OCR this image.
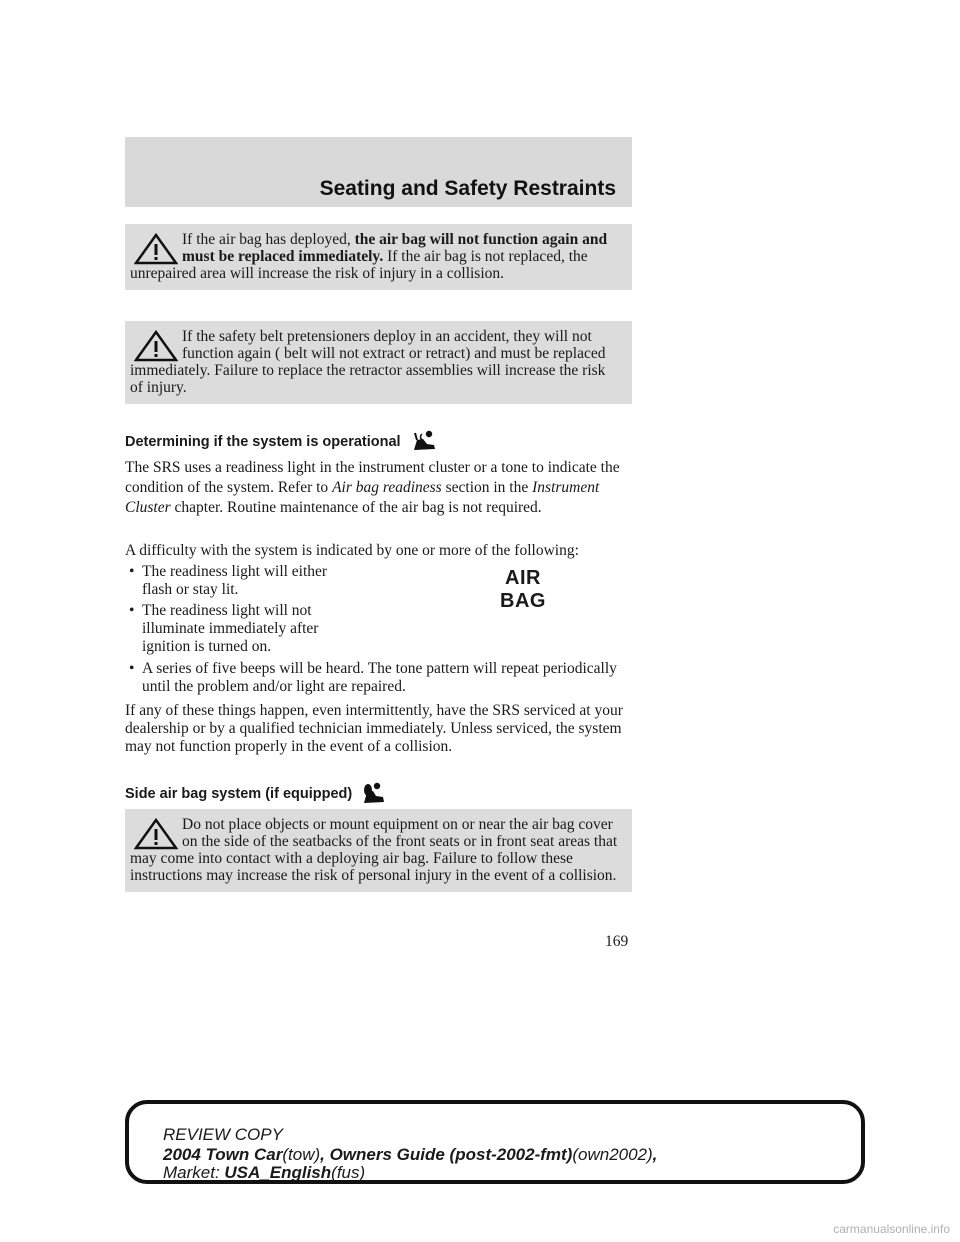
Seating and Safety Restraints
If the air bag has deployed, the air bag will not function again and must be replaced immediately. If the air bag is not replaced, the unrepaired area will increase the risk of injury in a collision.
If the safety belt pretensioners deploy in an accident, they will not function again ( belt will not extract or retract) and must be replaced immediately. Failure to replace the retractor assemblies will increase the risk of injury.
Determining if the system is operational
The SRS uses a readiness light in the instrument cluster or a tone to indicate the condition of the system. Refer to Air bag readiness section in the Instrument Cluster chapter. Routine maintenance of the air bag is not required.
A difficulty with the system is indicated by one or more of the following:
• The readiness light will either flash or stay lit.
• The readiness light will not illuminate immediately after ignition is turned on.
• A series of five beeps will be heard. The tone pattern will repeat periodically until the problem and/or light are repaired.
AIR
BAG
If any of these things happen, even intermittently, have the SRS serviced at your dealership or by a qualified technician immediately. Unless serviced, the system may not function properly in the event of a collision.
Side air bag system (if equipped)
Do not place objects or mount equipment on or near the air bag cover on the side of the seatbacks of the front seats or in front seat areas that may come into contact with a deploying air bag. Failure to follow these instructions may increase the risk of personal injury in the event of a collision.
169
REVIEW COPY
2004 Town Car(tow), Owners Guide (post-2002-fmt)(own2002),
Market: USA_English(fus)
carmanualsonline.info
